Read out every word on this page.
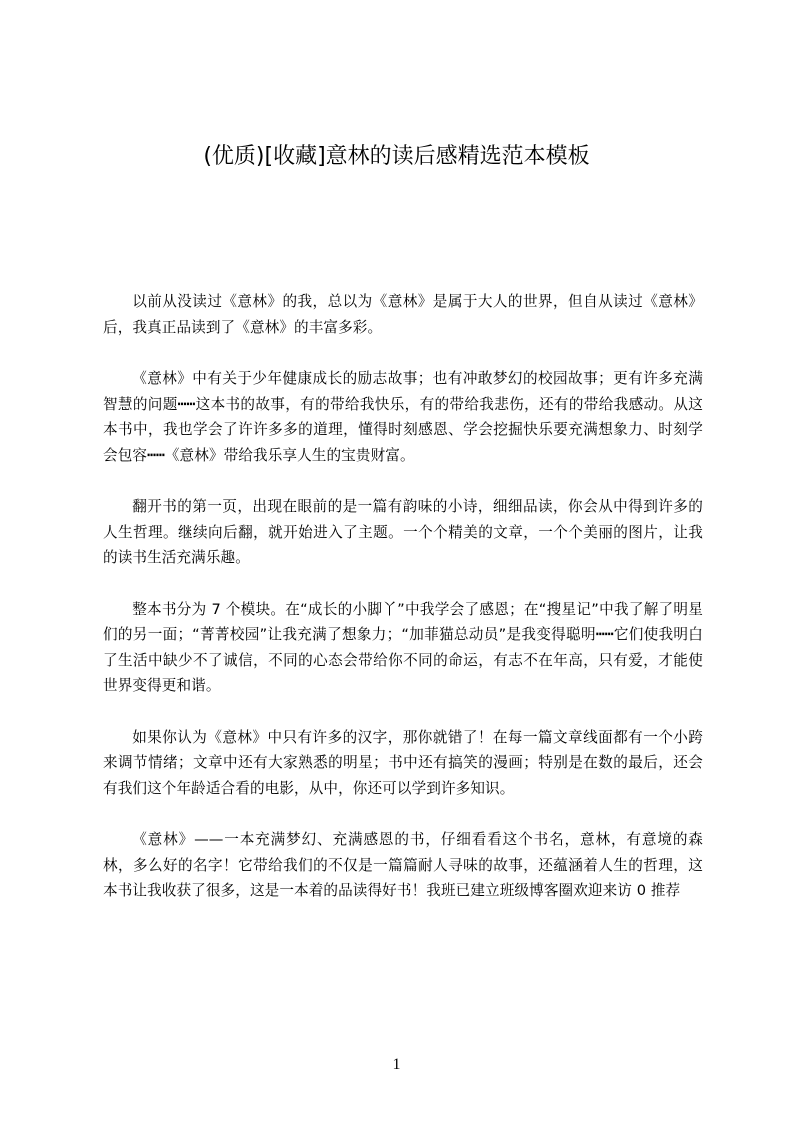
(优质)[收藏]意林的读后感精选范本模板

以前从没读过《意林》的我，总以为《意林》是属于大人的世界，但自从读过《意林》后，我真正品读到了《意林》的丰富多彩。

《意林》中有关于少年健康成长的励志故事；也有冲敢梦幻的校园故事；更有许多充满智慧的问题┅┅这本书的故事，有的带给我快乐，有的带给我悲伤，还有的带给我感动。从这本书中，我也学会了许许多多的道理，懂得时刻感恩、学会挖掘快乐要充满想象力、时刻学会包容┅┅《意林》带给我乐享人生的宝贵财富。

翻开书的第一页，出现在眼前的是一篇有韵味的小诗，细细品读，你会从中得到许多的人生哲理。继续向后翻，就开始进入了主题。一个个精美的文章，一个个美丽的图片，让我的读书生活充满乐趣。

整本书分为 7 个模块。在“成长的小脚丫”中我学会了感恩；在“搜星记”中我了解了明星们的另一面；“菁菁校园”让我充满了想象力；“加菲猫总动员”是我变得聪明┅┅它们使我明白了生活中缺少不了诚信，不同的心态会带给你不同的命运，有志不在年高，只有爱，才能使世界变得更和谐。

如果你认为《意林》中只有许多的汉字，那你就错了！在每一篇文章线面都有一个小跨来调节情绪；文章中还有大家熟悉的明星；书中还有搞笑的漫画；特别是在数的最后，还会有我们这个年龄适合看的电影，从中，你还可以学到许多知识。

《意林》——一本充满梦幻、充满感恩的书，仔细看看这个书名，意林，有意境的森林，多么好的名字！它带给我们的不仅是一篇篇耐人寻味的故事，还蕴涵着人生的哲理，这本书让我收获了很多，这是一本着的品读得好书！我班已建立班级博客圈欢迎来访 0 推荐

1
